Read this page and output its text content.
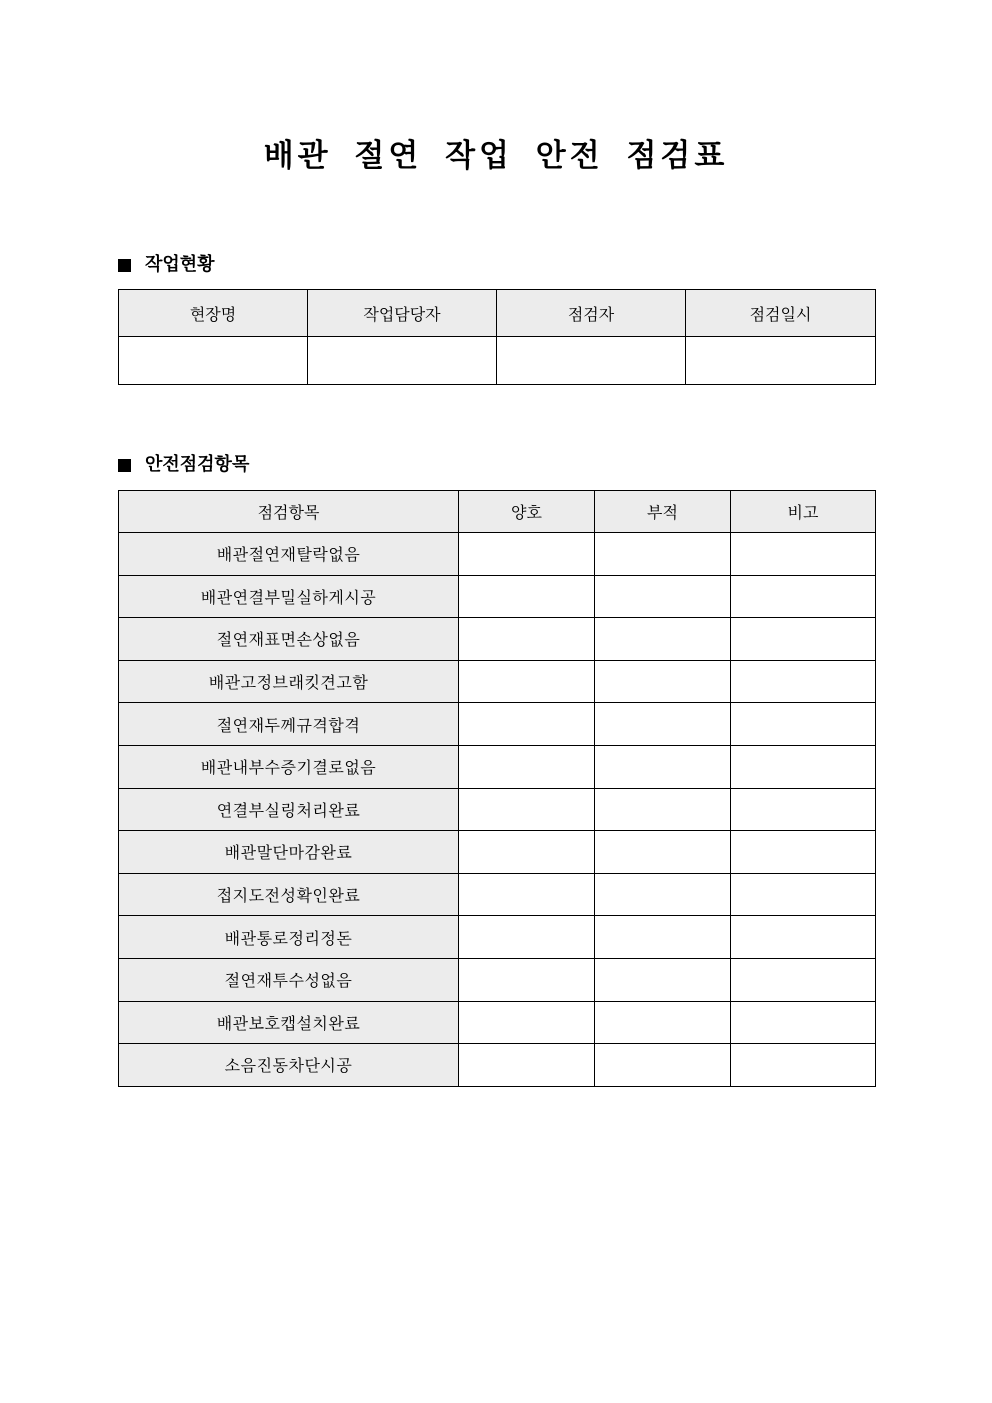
배관 절연 작업 안전 점검표
작업현황
현장명	작업담당자	점검자	점검일시

안전점검항목
점검항목	양호	부적	비고
배관절연재탈락없음			
배관연결부밀실하게시공			
절연재표면손상없음			
배관고정브래킷견고함			
절연재두께규격합격			
배관내부수증기결로없음			
연결부실링처리완료			
배관말단마감완료			
접지도전성확인완료			
배관통로정리정돈			
절연재투수성없음			
배관보호캡설치완료			
소음진동차단시공			
